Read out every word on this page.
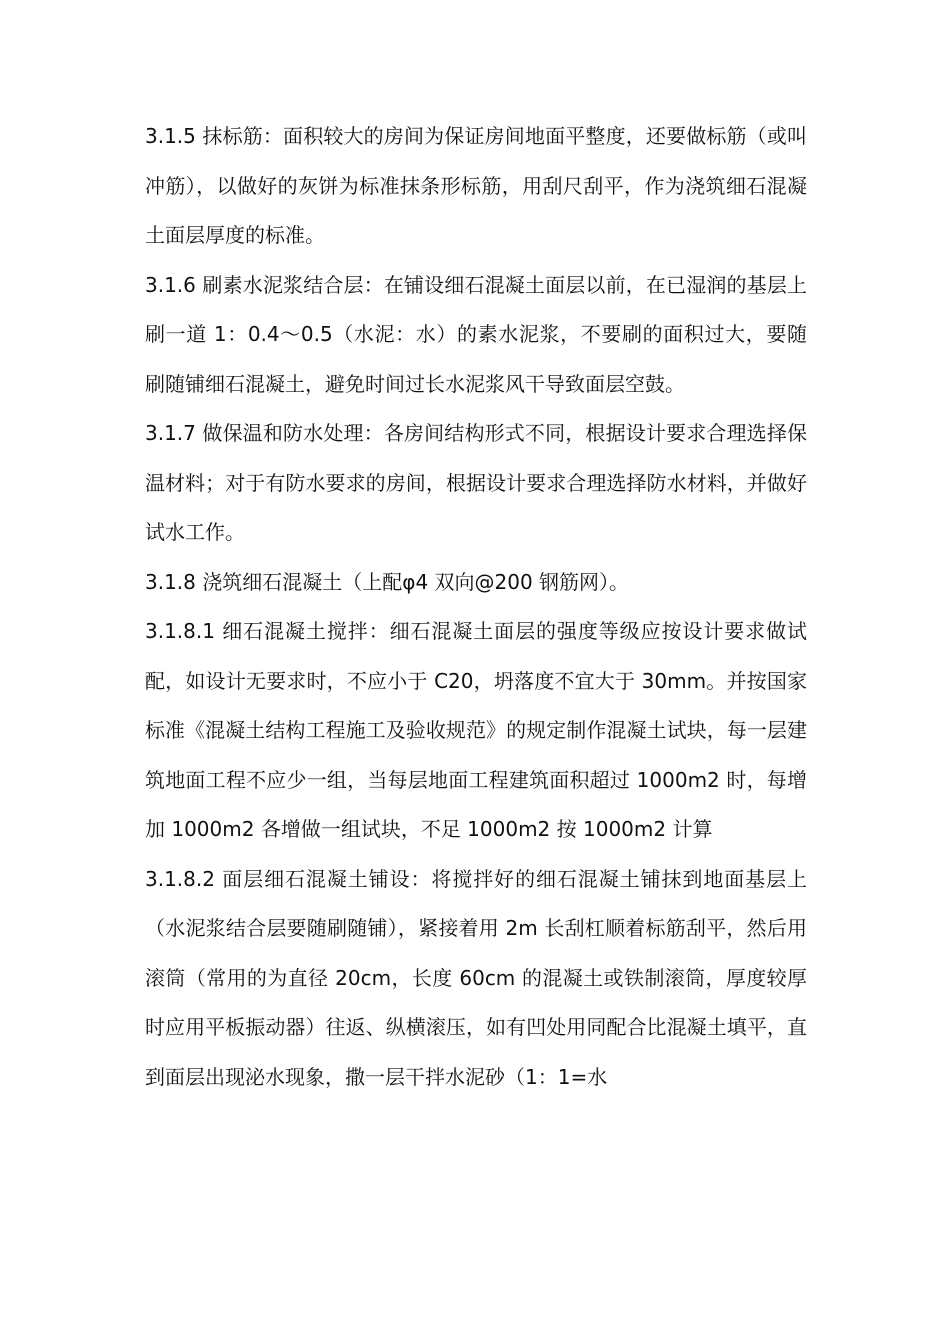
3.1.5 抹标筋：面积较大的房间为保证房间地面平整度，还要做标筋（或叫冲筋），以做好的灰饼为标准抹条形标筋，用刮尺刮平，作为浇筑细石混凝土面层厚度的标准。

3.1.6 刷素水泥浆结合层：在铺设细石混凝土面层以前，在已湿润的基层上刷一道 1：0.4～0.5（水泥：水）的素水泥浆，不要刷的面积过大，要随刷随铺细石混凝土，避免时间过长水泥浆风干导致面层空鼓。

3.1.7 做保温和防水处理：各房间结构形式不同，根据设计要求合理选择保温材料；对于有防水要求的房间，根据设计要求合理选择防水材料，并做好试水工作。

3.1.8 浇筑细石混凝土（上配φ4 双向@200 钢筋网）。

3.1.8.1 细石混凝土搅拌：细石混凝土面层的强度等级应按设计要求做试配，如设计无要求时，不应小于 C20，坍落度不宜大于 30mm。并按国家标准《混凝土结构工程施工及验收规范》的规定制作混凝土试块，每一层建筑地面工程不应少一组，当每层地面工程建筑面积超过 1000m2 时，每增加 1000m2 各增做一组试块，不足 1000m2 按 1000m2 计算

3.1.8.2 面层细石混凝土铺设：将搅拌好的细石混凝土铺抹到地面基层上（水泥浆结合层要随刷随铺），紧接着用 2m 长刮杠顺着标筋刮平，然后用滚筒（常用的为直径 20cm，长度 60cm 的混凝土或铁制滚筒，厚度较厚时应用平板振动器）往返、纵横滚压，如有凹处用同配合比混凝土填平，直到面层出现泌水现象，撒一层干拌水泥砂（1：1=水
